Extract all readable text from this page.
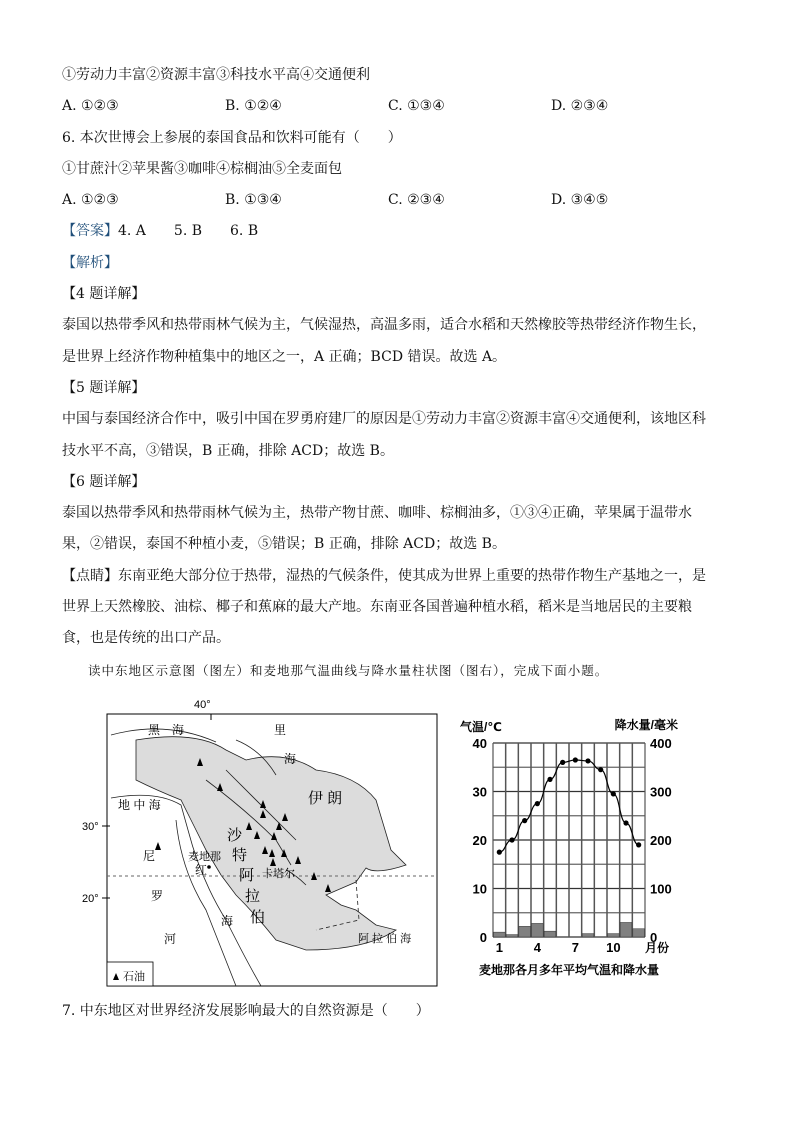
①劳动力丰富②资源丰富③科技水平高④交通便利
A. ①②③	B. ①②④	C. ①③④	D. ②③④
6. 本次世博会上参展的泰国食品和饮料可能有（　　）
①甘蔗汁②苹果酱③咖啡④棕榈油⑤全麦面包
A. ①②③	B. ①③④	C. ②③④	D. ③④⑤
【答案】4. A　　5. B　　6. B
【解析】
【4 题详解】
泰国以热带季风和热带雨林气候为主，气候湿热，高温多雨，适合水稻和天然橡胶等热带经济作物生长，
是世界上经济作物种植集中的地区之一，A 正确；BCD 错误。故选 A。
【5 题详解】
中国与泰国经济合作中，吸引中国在罗勇府建厂的原因是①劳动力丰富②资源丰富④交通便利，该地区科
技水平不高，③错误，B 正确，排除 ACD；故选 B。
【6 题详解】
泰国以热带季风和热带雨林气候为主，热带产物甘蔗、咖啡、棕榈油多，①③④正确，苹果属于温带水
果，②错误，泰国不种植小麦，⑤错误；B 正确，排除 ACD；故选 B。
【点睛】东南亚绝大部分位于热带，湿热的气候条件，使其成为世界上重要的热带作物生产基地之一，是
世界上天然橡胶、油棕、椰子和蕉麻的最大产地。东南亚各国普遍种植水稻，稻米是当地居民的主要粮
食，也是传统的出口产品。
读中东地区示意图（图左）和麦地那气温曲线与降水量柱状图（图右），完成下面小题。
40°
30°
20°
黑　海	里
海
地 中 海	伊 朗
沙
特
阿
拉
伯
麦地那
卡塔尔
红
海
尼
罗
河	阿 拉 伯 海
石油
气温/℃	降水量/毫米
0
10
20
30
40
0
100
200
300
400
1 4 7 10 月份
麦地那各月多年平均气温和降水量
7. 中东地区对世界经济发展影响最大的自然资源是（　　）
